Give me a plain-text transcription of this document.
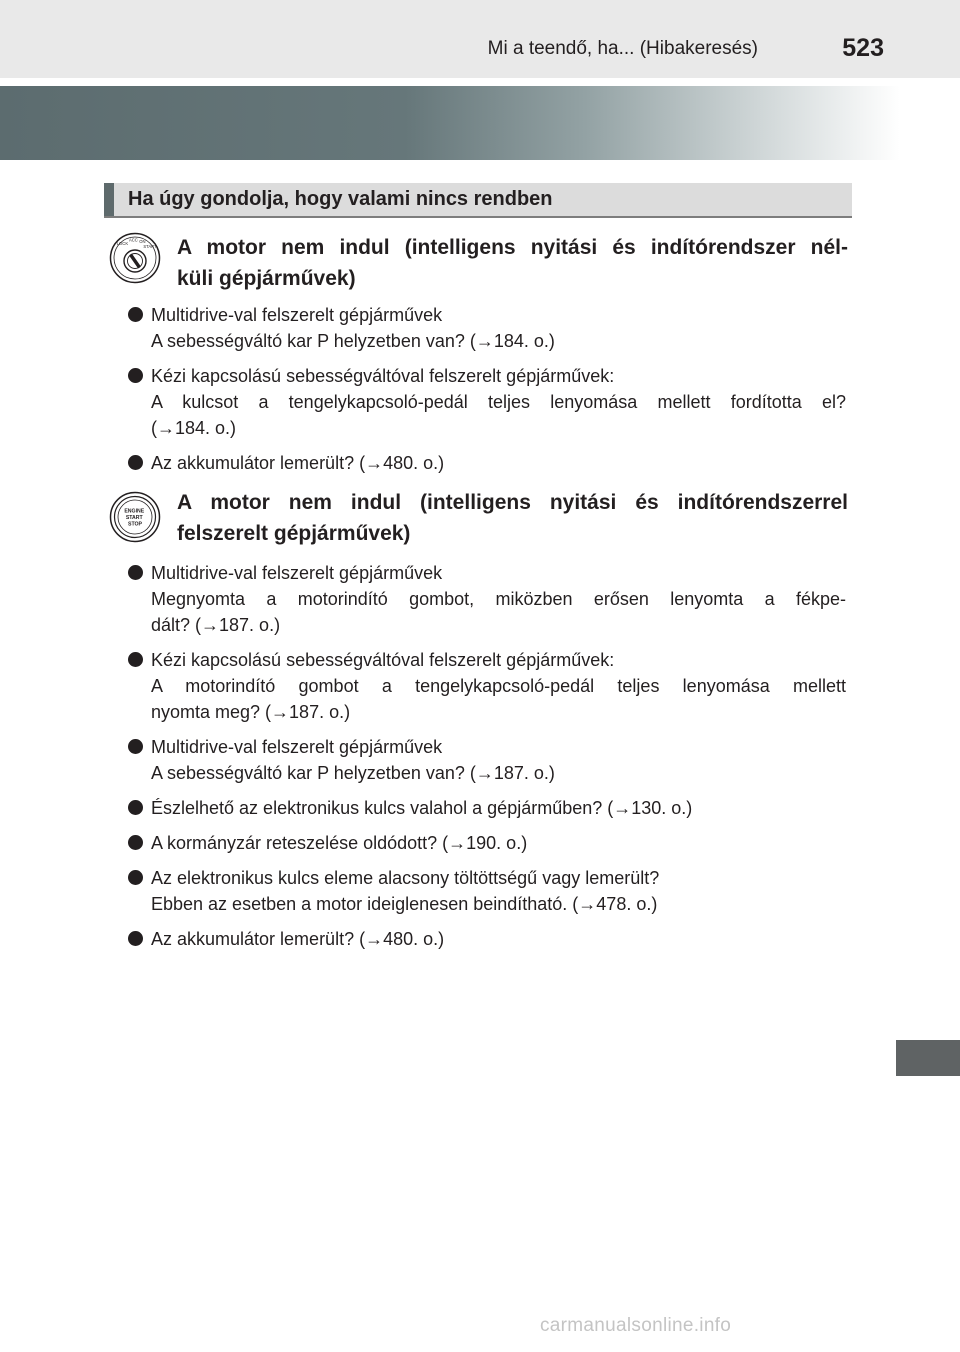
Mi a teendő, ha... (Hibakeresés)	523
Ha úgy gondolja, hogy valami nincs rendben
LOCK ACC ON START A motor nem indul (intelligens nyitási és indítórendszer nél-
küli gépjárművek)
Multidrive-val felszerelt gépjárművek
A sebességváltó kar P helyzetben van? (→184. o.)
Kézi kapcsolású sebességváltóval felszerelt gépjárművek:
A kulcsot a tengelykapcsoló-pedál teljes lenyomása mellett fordította el?
(→184. o.)
Az akkumulátor lemerült? (→480. o.)
ENGINE START STOP
A motor nem indul (intelligens nyitási és indítórendszerrel
felszerelt gépjárművek)
Multidrive-val felszerelt gépjárművek
Megnyomta a motorindító gombot, miközben erősen lenyomta a fékpe-
dált? (→187. o.)
Kézi kapcsolású sebességváltóval felszerelt gépjárművek:
A motorindító gombot a tengelykapcsoló-pedál teljes lenyomása mellett
nyomta meg? (→187. o.)
Multidrive-val felszerelt gépjárművek
A sebességváltó kar P helyzetben van? (→187. o.)
Észlelhető az elektronikus kulcs valahol a gépjárműben? (→130. o.)
A kormányzár reteszelése oldódott? (→190. o.)
Az elektronikus kulcs eleme alacsony töltöttségű vagy lemerült?
Ebben az esetben a motor ideiglenesen beindítható. (→478. o.)
Az akkumulátor lemerült? (→480. o.)
carmanualsonline.info
